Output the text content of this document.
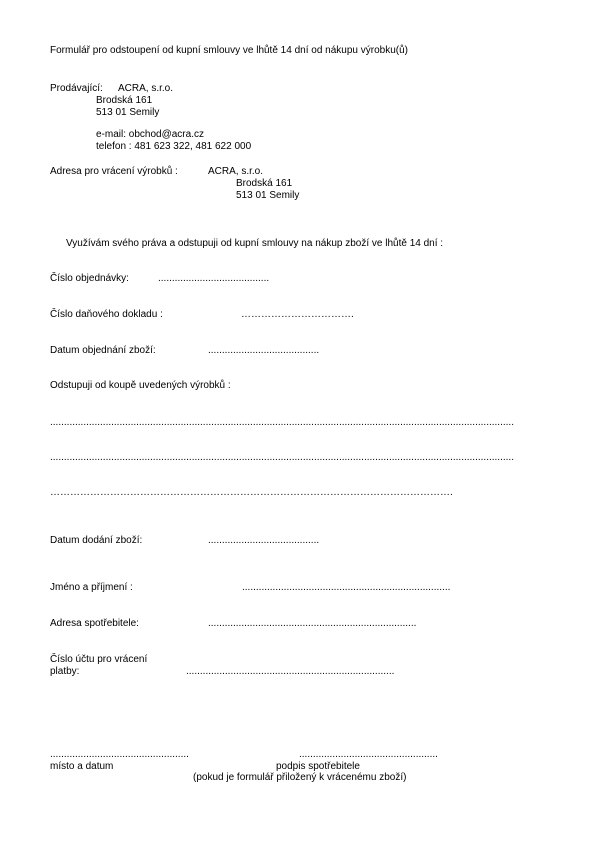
Formulář pro odstoupení od kupní smlouvy ve lhůtě 14 dní od nákupu výrobku(ů)
Prodávající: ACRA, s.r.o.
Brodská 161
513 01 Semily
e-mail: obchod@acra.cz
telefon : 481 623 322, 481 622 000
Adresa pro vrácení výrobků :	ACRA, s.r.o.
Brodská 161
513 01 Semily
Využívám svého práva a odstupuji od kupní smlouvy na nákup zboží ve lhůtě 14 dní :
Číslo objednávky:	........................................
Číslo daňového dokladu :	…………………………….
Datum objednání zboží:	........................................
Odstupuji od koupě uvedených výrobků :
.......................................................................................................................................................................
.......................................................................................................................................................................
………………………………………………………………………………………………………….
Datum dodání zboží:	........................................
Jméno a příjmení :	...........................................................................
Adresa spotřebitele:	...........................................................................
Číslo účtu pro vrácení
platby:	...........................................................................
..................................................
místo a datum
..................................................
podpis spotřebitele
(pokud je formulář přiložený k vrácenému zboží)
